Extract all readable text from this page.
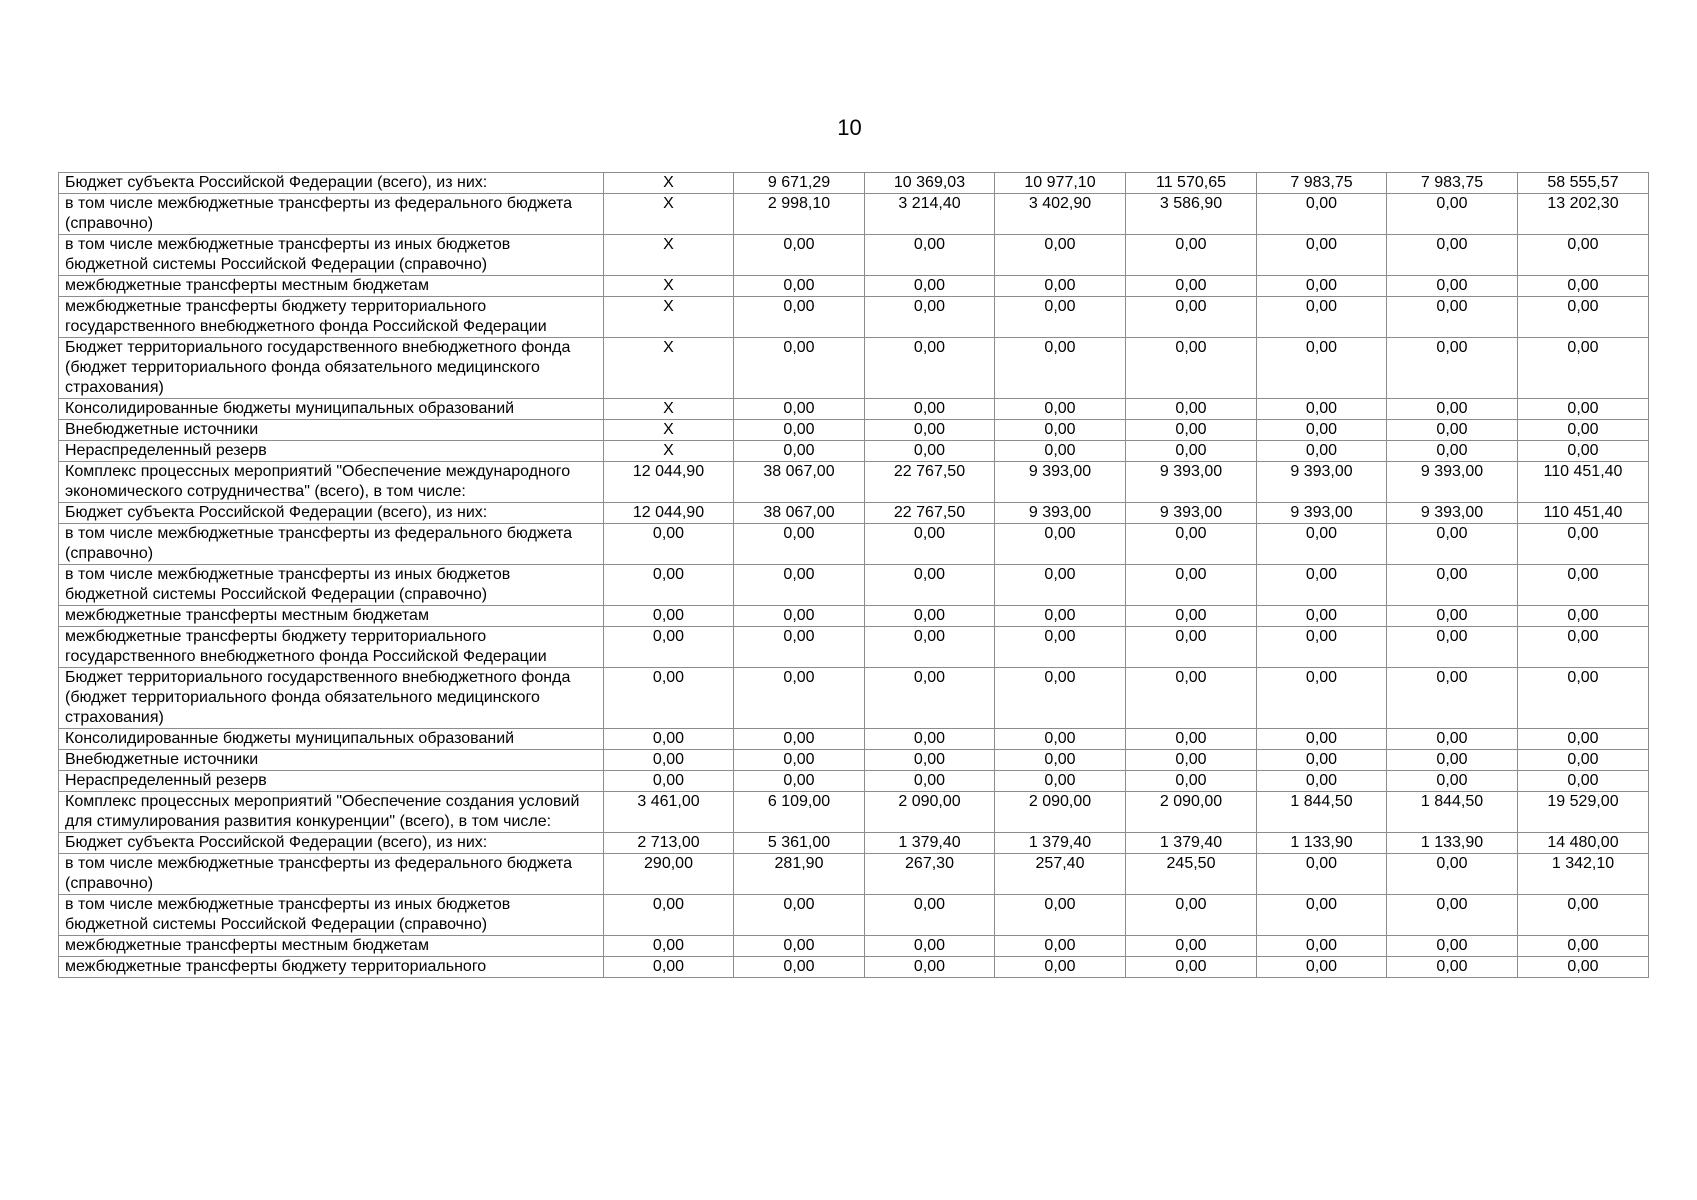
10
Бюджет субъекта Российской Федерации (всего), из них:	X	9 671,29	10 369,03	10 977,10	11 570,65	7 983,75	7 983,75	58 555,57
в том числе межбюджетные трансферты из федерального бюджета (справочно)	X	2 998,10	3 214,40	3 402,90	3 586,90	0,00	0,00	13 202,30
в том числе межбюджетные трансферты из иных бюджетов бюджетной системы Российской Федерации (справочно)	X	0,00	0,00	0,00	0,00	0,00	0,00	0,00
межбюджетные трансферты местным бюджетам	X	0,00	0,00	0,00	0,00	0,00	0,00	0,00
межбюджетные трансферты бюджету территориального государственного внебюджетного фонда Российской Федерации	X	0,00	0,00	0,00	0,00	0,00	0,00	0,00
Бюджет территориального государственного внебюджетного фонда (бюджет территориального фонда обязательного медицинского страхования)	X	0,00	0,00	0,00	0,00	0,00	0,00	0,00
Консолидированные бюджеты муниципальных образований	X	0,00	0,00	0,00	0,00	0,00	0,00	0,00
Внебюджетные источники	X	0,00	0,00	0,00	0,00	0,00	0,00	0,00
Нераспределенный резерв	X	0,00	0,00	0,00	0,00	0,00	0,00	0,00
Комплекс процессных мероприятий "Обеспечение международного экономического сотрудничества" (всего), в том числе:	12 044,90	38 067,00	22 767,50	9 393,00	9 393,00	9 393,00	9 393,00	110 451,40
Бюджет субъекта Российской Федерации (всего), из них:	12 044,90	38 067,00	22 767,50	9 393,00	9 393,00	9 393,00	9 393,00	110 451,40
в том числе межбюджетные трансферты из федерального бюджета (справочно)	0,00	0,00	0,00	0,00	0,00	0,00	0,00	0,00
в том числе межбюджетные трансферты из иных бюджетов бюджетной системы Российской Федерации (справочно)	0,00	0,00	0,00	0,00	0,00	0,00	0,00	0,00
межбюджетные трансферты местным бюджетам	0,00	0,00	0,00	0,00	0,00	0,00	0,00	0,00
межбюджетные трансферты бюджету территориального государственного внебюджетного фонда Российской Федерации	0,00	0,00	0,00	0,00	0,00	0,00	0,00	0,00
Бюджет территориального государственного внебюджетного фонда (бюджет территориального фонда обязательного медицинского страхования)	0,00	0,00	0,00	0,00	0,00	0,00	0,00	0,00
Консолидированные бюджеты муниципальных образований	0,00	0,00	0,00	0,00	0,00	0,00	0,00	0,00
Внебюджетные источники	0,00	0,00	0,00	0,00	0,00	0,00	0,00	0,00
Нераспределенный резерв	0,00	0,00	0,00	0,00	0,00	0,00	0,00	0,00
Комплекс процессных мероприятий "Обеспечение создания условий для стимулирования развития конкуренции" (всего), в том числе:	3 461,00	6 109,00	2 090,00	2 090,00	2 090,00	1 844,50	1 844,50	19 529,00
Бюджет субъекта Российской Федерации (всего), из них:	2 713,00	5 361,00	1 379,40	1 379,40	1 379,40	1 133,90	1 133,90	14 480,00
в том числе межбюджетные трансферты из федерального бюджета (справочно)	290,00	281,90	267,30	257,40	245,50	0,00	0,00	1 342,10
в том числе межбюджетные трансферты из иных бюджетов бюджетной системы Российской Федерации (справочно)	0,00	0,00	0,00	0,00	0,00	0,00	0,00	0,00
межбюджетные трансферты местным бюджетам	0,00	0,00	0,00	0,00	0,00	0,00	0,00	0,00
межбюджетные трансферты бюджету территориального	0,00	0,00	0,00	0,00	0,00	0,00	0,00	0,00
